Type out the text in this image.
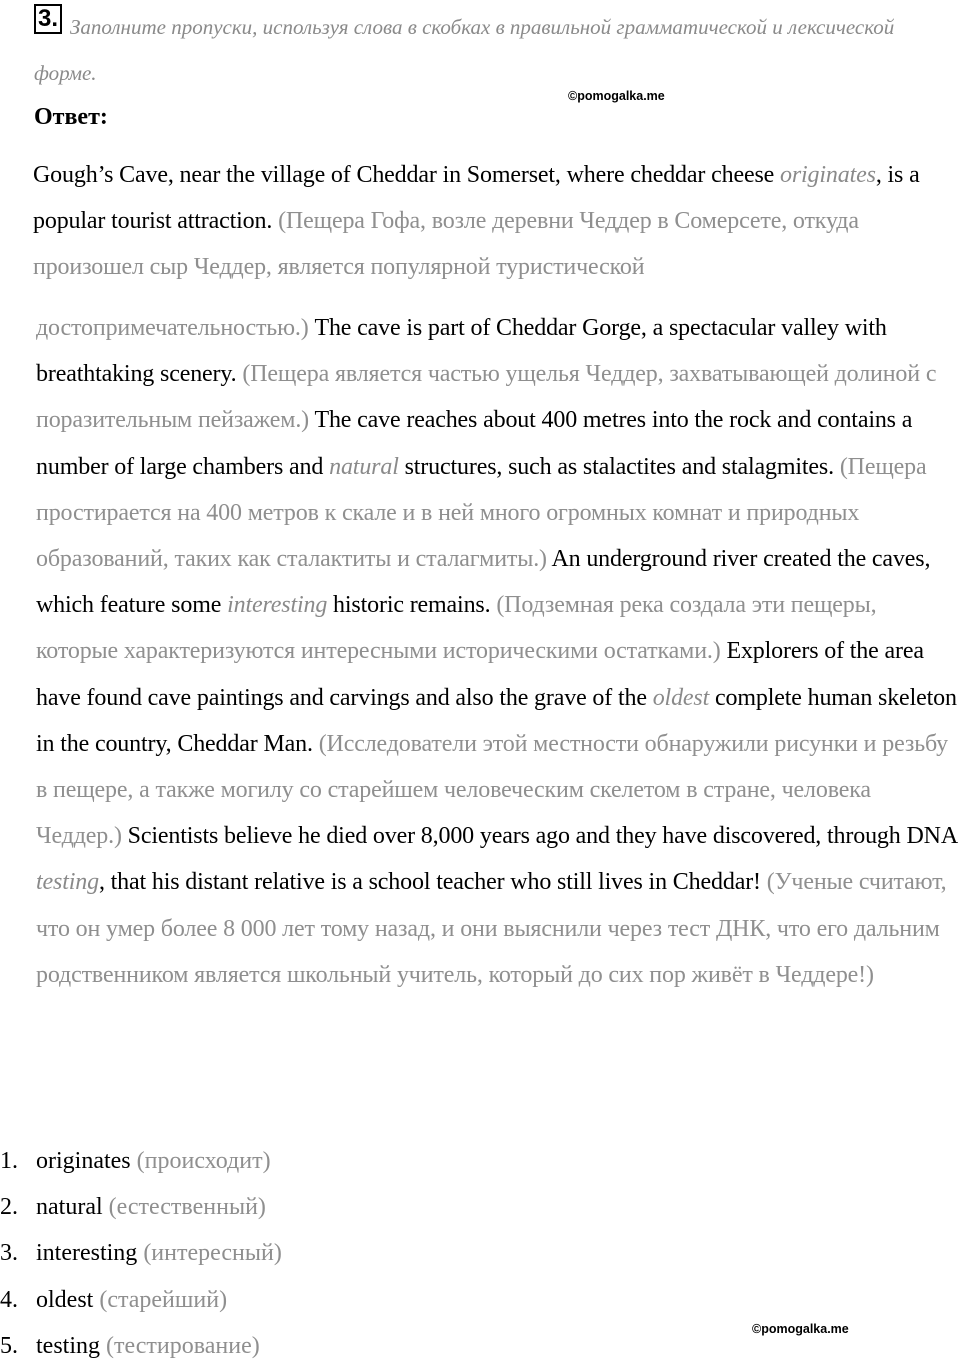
3. Заполните пропуски, используя слова в скобках в правильной грамматической и лексической форме.
©pomogalka.me
Ответ:

Gough’s Cave, near the village of Cheddar in Somerset, where cheddar cheese originates, is a popular tourist attraction. (Пещера Гофа, возле деревни Чеддер в Сомерсете, откуда произошел сыр Чеддер, является популярной туристической

достопримечательностью.) The cave is part of Cheddar Gorge, a spectacular valley with breathtaking scenery. (Пещера является частью ущелья Чеддер, захватывающей долиной с поразительным пейзажем.) The cave reaches about 400 metres into the rock and contains a number of large chambers and natural structures, such as stalactites and stalagmites. (Пещера простирается на 400 метров к скале и в ней много огромных комнат и природных образований, таких как сталактиты и сталагмиты.) An underground river created the caves, which feature some interesting historic remains. (Подземная река создала эти пещеры, которые характеризуются интересными историческими остатками.) Explorers of the area have found cave paintings and carvings and also the grave of the oldest complete human skeleton in the country, Cheddar Man. (Исследователи этой местности обнаружили рисунки и резьбу в пещере, а также могилу со старейшем человеческим скелетом в стране, человека Чеддер.) Scientists believe he died over 8,000 years ago and they have discovered, through DNA testing, that his distant relative is a school teacher who still lives in Cheddar! (Ученые считают, что он умер более 8 000 лет тому назад, и они выяснили через тест ДНК, что его дальним родственником является школьный учитель, который до сих пор живёт в Чеддере!)

1. originates (происходит)
2. natural (естественный)
3. interesting (интересный)
4. oldest (старейший)
5. testing (тестирование)
©pomogalka.me
